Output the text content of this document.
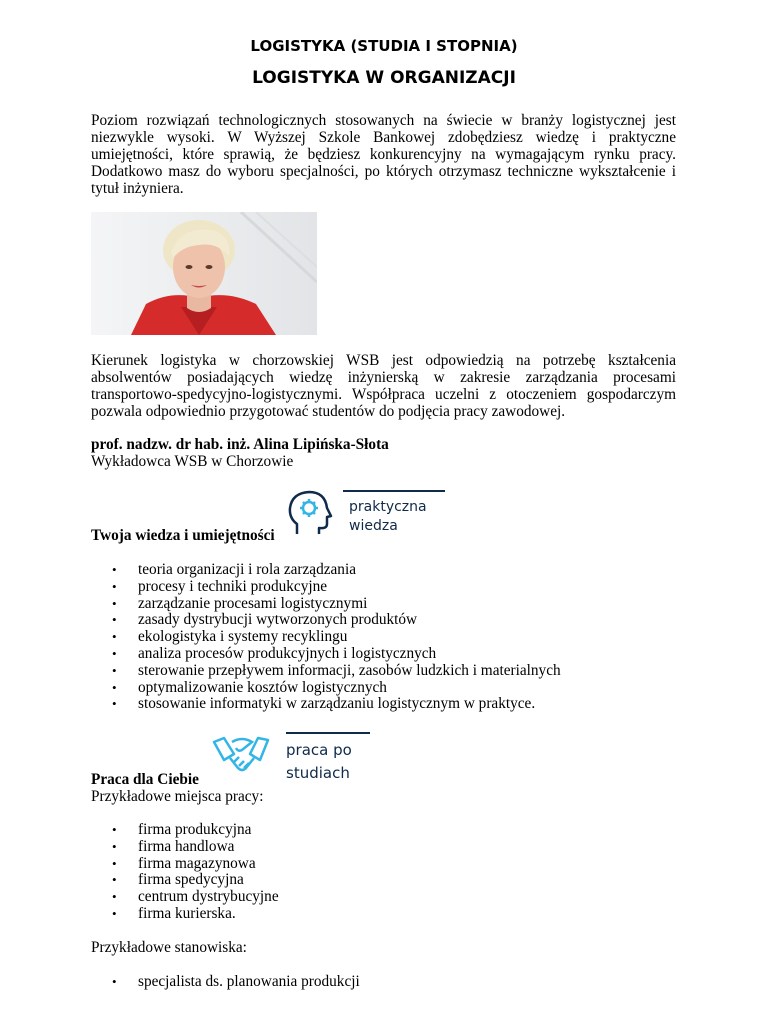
LOGISTYKA (STUDIA I STOPNIA)
LOGISTYKA W ORGANIZACJI
Poziom rozwiązań technologicznych stosowanych na świecie w branży logistycznej jest niezwykle wysoki. W Wyższej Szkole Bankowej zdobędziesz wiedzę i praktyczne umiejętności, które sprawią, że będziesz konkurencyjny na wymagającym rynku pracy. Dodatkowo masz do wyboru specjalności, po których otrzymasz techniczne wykształcenie i tytuł inżyniera.
Kierunek logistyka w chorzowskiej WSB jest odpowiedzią na potrzebę kształcenia absolwentów posiadających wiedzę inżynierską w zakresie zarządzania procesami transportowo-spedycyjno-logistycznymi. Współpraca uczelni z otoczeniem gospodarczym pozwala odpowiednio przygotować studentów do podjęcia pracy zawodowej.
prof. nadzw. dr hab. inż. Alina Lipińska-Słota
Wykładowca WSB w Chorzowie
praktyczna
wiedza
Twoja wiedza i umiejętności
• teoria organizacji i rola zarządzania
• procesy i techniki produkcyjne
• zarządzanie procesami logistycznymi
• zasady dystrybucji wytworzonych produktów
• ekologistyka i systemy recyklingu
• analiza procesów produkcyjnych i logistycznych
• sterowanie przepływem informacji, zasobów ludzkich i materialnych
• optymalizowanie kosztów logistycznych
• stosowanie informatyki w zarządzaniu logistycznym w praktyce.
praca po
studiach
Praca dla Ciebie
Przykładowe miejsca pracy:
• firma produkcyjna
• firma handlowa
• firma magazynowa
• firma spedycyjna
• centrum dystrybucyjne
• firma kurierska.
Przykładowe stanowiska:
• specjalista ds. planowania produkcji
